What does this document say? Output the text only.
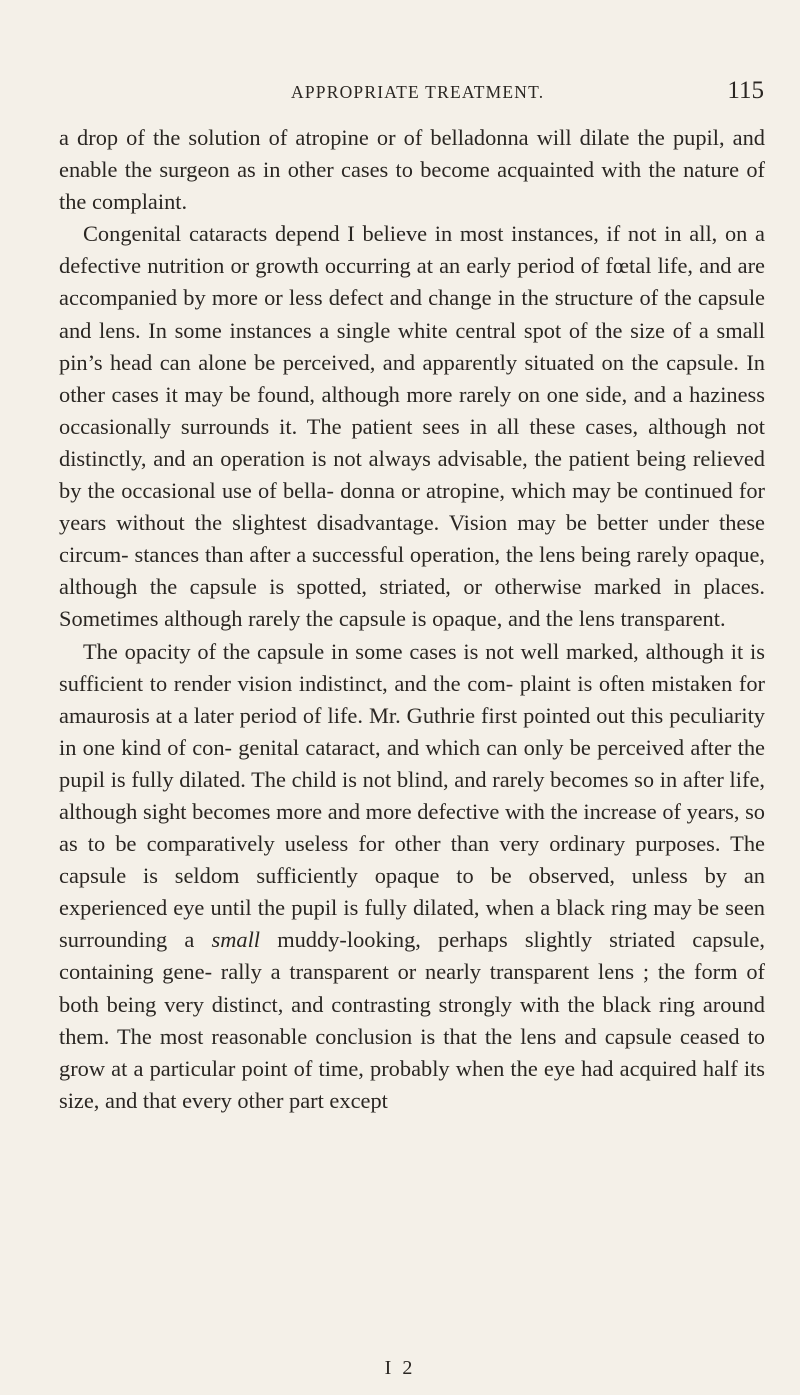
APPROPRIATE TREATMENT.	115

a drop of the solution of atropine or of belladonna will dilate the pupil, and enable the surgeon as in other cases to become acquainted with the nature of the complaint.

Congenital cataracts depend I believe in most instances, if not in all, on a defective nutrition or growth occurring at an early period of fœtal life, and are accompanied by more or less defect and change in the structure of the capsule and lens. In some instances a single white central spot of the size of a small pin’s head can alone be perceived, and apparently situated on the capsule. In other cases it may be found, although more rarely on one side, and a haziness occasionally surrounds it. The patient sees in all these cases, although not distinctly, and an operation is not always advisable, the patient being relieved by the occasional use of bella- donna or atropine, which may be continued for years without the slightest disadvantage. Vision may be better under these circum- stances than after a successful operation, the lens being rarely opaque, although the capsule is spotted, striated, or otherwise marked in places. Sometimes although rarely the capsule is opaque, and the lens transparent.

The opacity of the capsule in some cases is not well marked, although it is sufficient to render vision indistinct, and the com- plaint is often mistaken for amaurosis at a later period of life. Mr. Guthrie first pointed out this peculiarity in one kind of con- genital cataract, and which can only be perceived after the pupil is fully dilated. The child is not blind, and rarely becomes so in after life, although sight becomes more and more defective with the increase of years, so as to be comparatively useless for other than very ordinary purposes. The capsule is seldom sufficiently opaque to be observed, unless by an experienced eye until the pupil is fully dilated, when a black ring may be seen surrounding a small muddy-looking, perhaps slightly striated capsule, containing gene- rally a transparent or nearly transparent lens ; the form of both being very distinct, and contrasting strongly with the black ring around them. The most reasonable conclusion is that the lens and capsule ceased to grow at a particular point of time, probably when the eye had acquired half its size, and that every other part except

I 2
